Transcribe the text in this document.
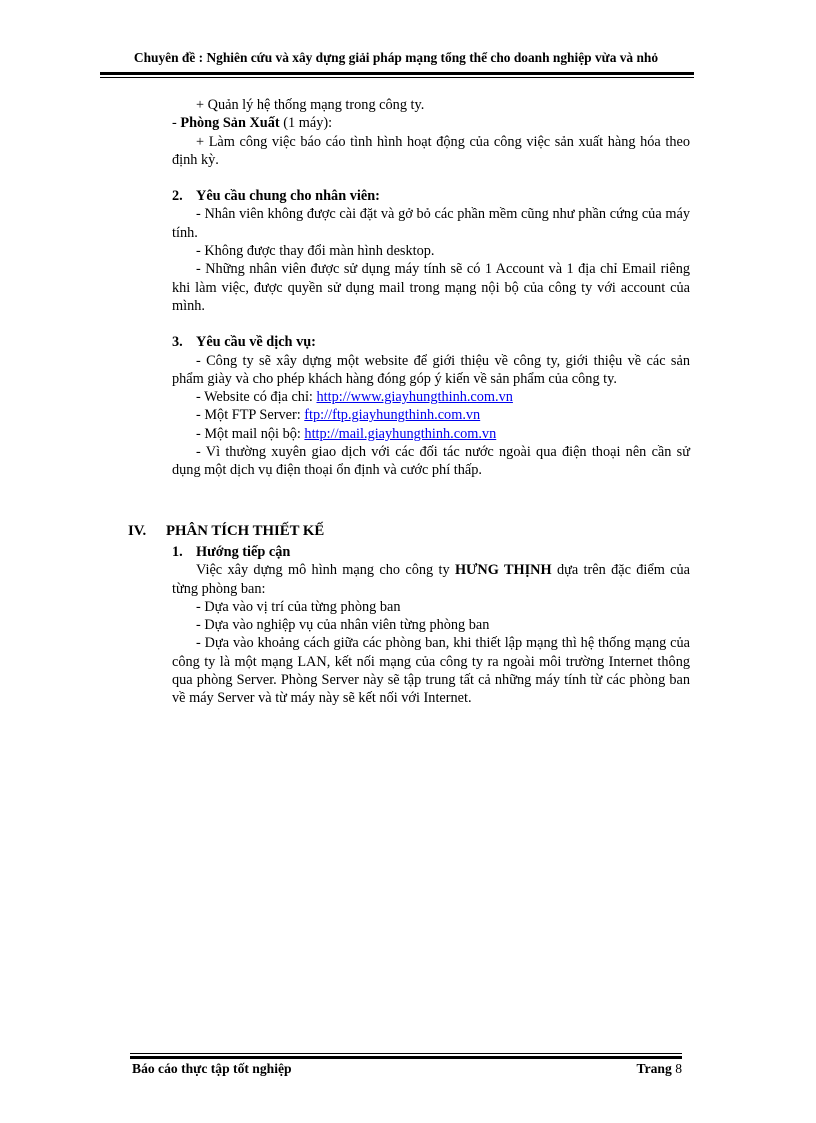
Chuyên đề : Nghiên cứu và xây dựng giải pháp mạng tổng thể cho doanh nghiệp vừa và nhỏ

+ Quản lý hệ thống mạng trong công ty.

- Phòng Sản Xuất (1 máy):

+ Làm công việc báo cáo tình hình hoạt động của công việc sản xuất hàng hóa theo định kỳ.

2. Yêu cầu chung cho nhân viên:

- Nhân viên không được cài đặt và gở bỏ các phần mềm cũng như phần cứng của máy tính.

- Không được thay đổi màn hình desktop.

- Những nhân viên được sử dụng máy tính sẽ có 1 Account và 1 địa chỉ Email riêng khi làm việc, được quyền sử dụng mail trong mạng nội bộ của công ty với account của mình.

3. Yêu cầu về dịch vụ:

- Công ty sẽ xây dựng một website để giới thiệu về công ty, giới thiệu về các sản phẩm giày và cho phép khách hàng đóng góp ý kiến về sản phẩm của công ty.

- Website có địa chỉ: http://www.giayhungthinh.com.vn

- Một FTP Server: ftp://ftp.giayhungthinh.com.vn

- Một mail nội bộ: http://mail.giayhungthinh.com.vn

- Vì thường xuyên giao dịch với các đối tác nước ngoài qua điện thoại nên cần sử dụng một dịch vụ điện thoại ổn định và cước phí thấp.

IV.	PHÂN TÍCH THIẾT KẾ

1. Hướng tiếp cận

Việc xây dựng mô hình mạng cho công ty HƯNG THỊNH dựa trên đặc điểm của từng phòng ban:

- Dựa vào vị trí của từng phòng ban

- Dựa vào nghiệp vụ của nhân viên từng phòng ban

- Dựa vào khoảng cách giữa các phòng ban, khi thiết lập mạng thì hệ thống mạng của công ty là một mạng LAN, kết nối mạng của công ty ra ngoài môi trường Internet thông qua phòng Server. Phòng Server này sẽ tập trung tất cả những máy tính từ các phòng ban về máy Server và từ máy này sẽ kết nối với Internet.

Báo cáo thực tập tốt nghiệp	Trang 8
